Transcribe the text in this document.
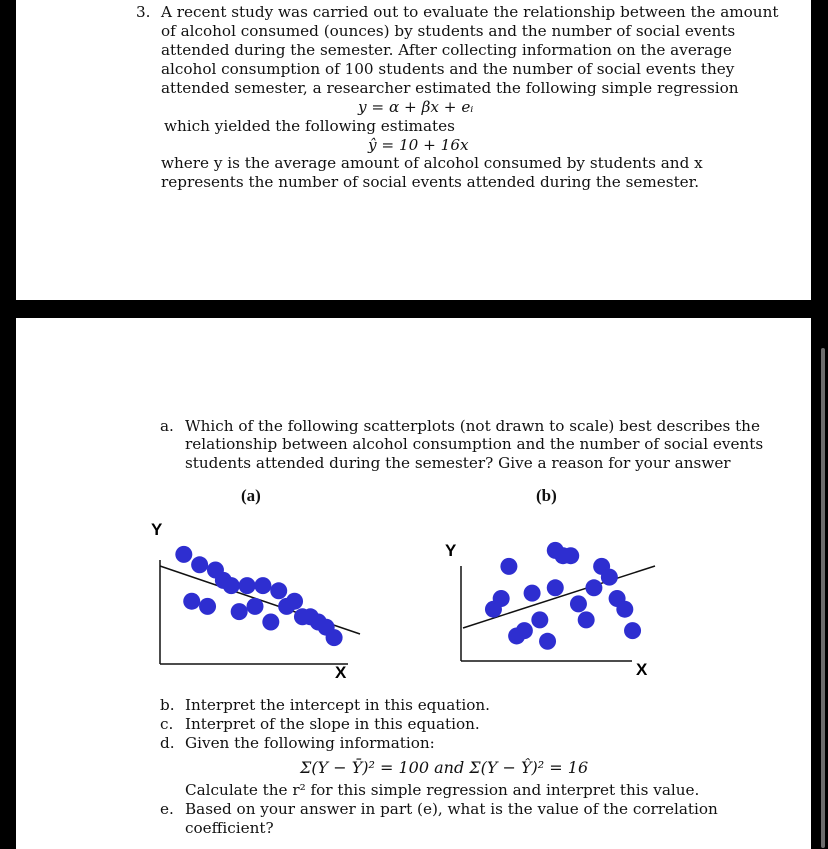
3. A recent study was carried out to evaluate the relationship between the amount
of alcohol consumed (ounces) by students and the number of social events
attended during the semester. After collecting information on the average
alcohol consumption of 100 students and the number of social events they
attended semester, a researcher estimated the following simple regression
y = α + βx + eᵢ
which yielded the following estimates
ŷ = 10 + 16x
where y is the average amount of alcohol consumed by students and x
represents the number of social events attended during the semester.
a. Which of the following scatterplots (not drawn to scale) best describes the
relationship between alcohol consumption and the number of social events
students attended during the semester? Give a reason for your answer
(a)	(b)
Y
X
Y
X
b. Interpret the intercept in this equation.
c. Interpret of the slope in this equation.
d. Given the following information:
Σ(Y − Ȳ)² = 100 and Σ(Y − Ŷ)² = 16
Calculate the r² for this simple regression and interpret this value.
e. Based on your answer in part (e), what is the value of the correlation
coefficient?
